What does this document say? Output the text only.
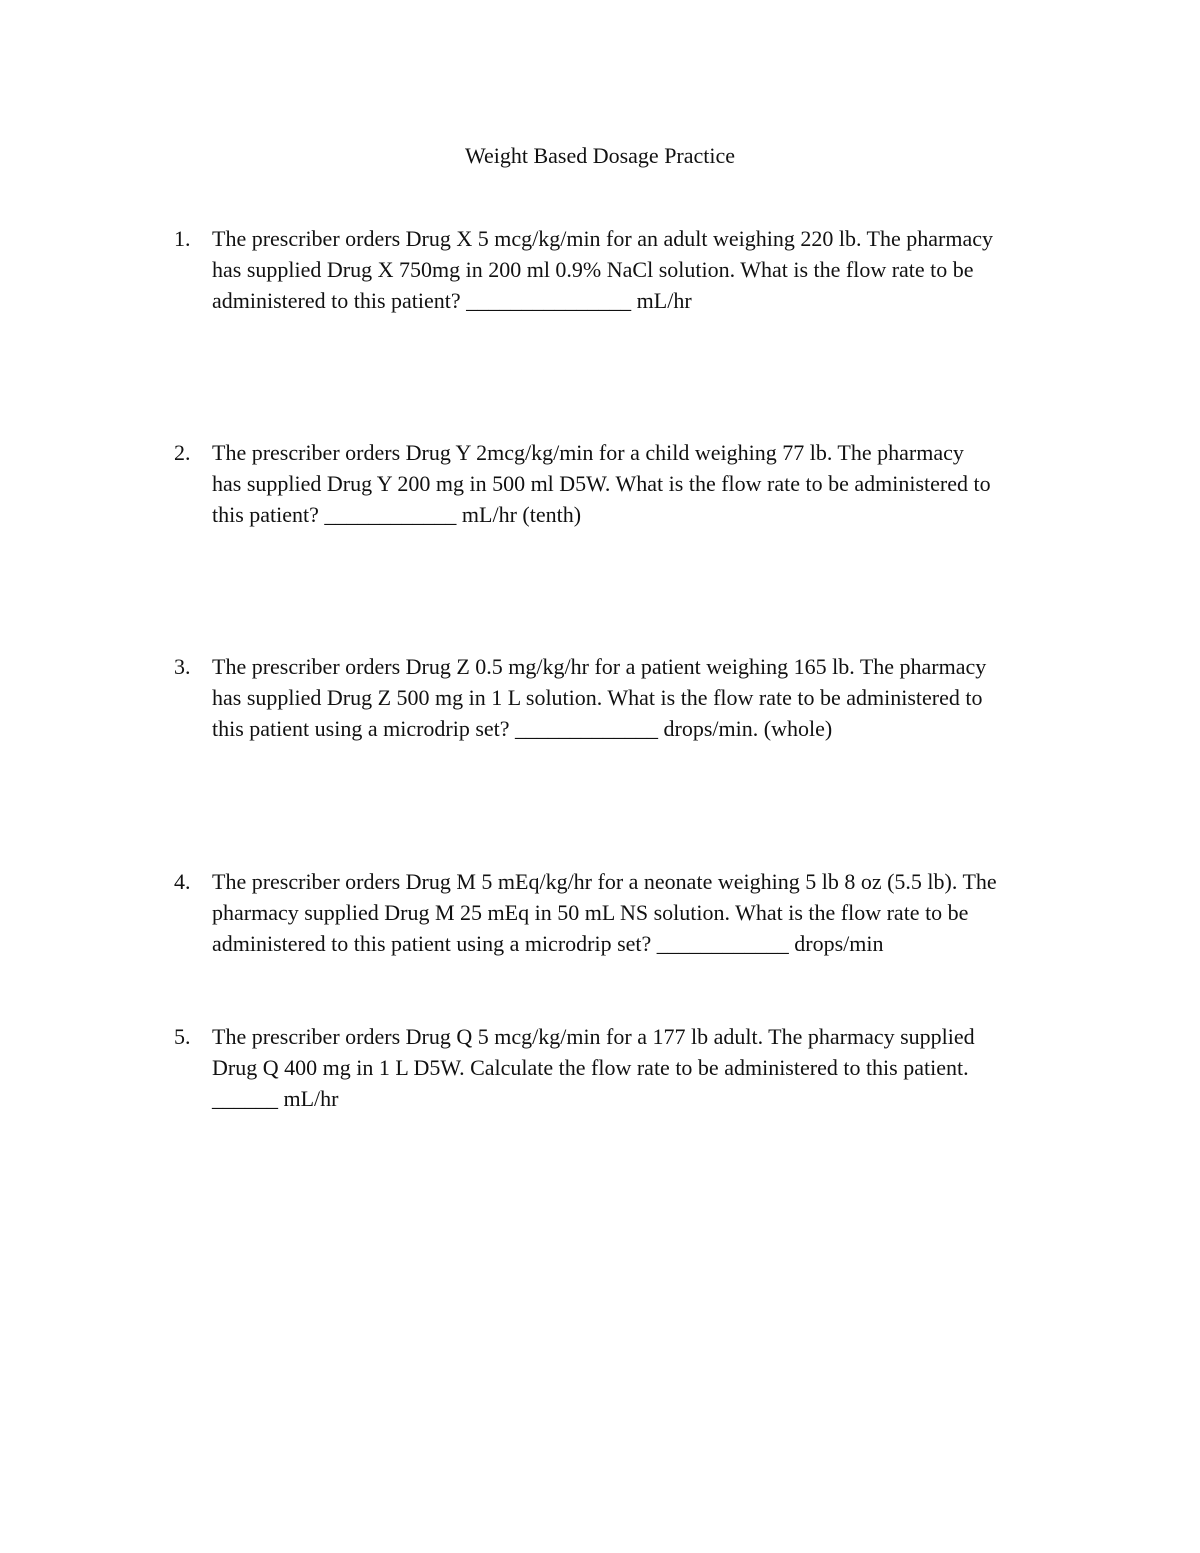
Weight Based Dosage Practice
1. The prescriber orders Drug X 5 mcg/kg/min for an adult weighing 220 lb. The pharmacy
has supplied Drug X 750mg in 200 ml 0.9% NaCl solution. What is the flow rate to be
administered to this patient? _______________ mL/hr
2. The prescriber orders Drug Y 2mcg/kg/min for a child weighing 77 lb. The pharmacy
has supplied Drug Y 200 mg in 500 ml D5W. What is the flow rate to be administered to
this patient? ____________ mL/hr (tenth)
3. The prescriber orders Drug Z 0.5 mg/kg/hr for a patient weighing 165 lb. The pharmacy
has supplied Drug Z 500 mg in 1 L solution. What is the flow rate to be administered to
this patient using a microdrip set? _____________ drops/min. (whole)
4. The prescriber orders Drug M 5 mEq/kg/hr for a neonate weighing 5 lb 8 oz (5.5 lb). The
pharmacy supplied Drug M 25 mEq in 50 mL NS solution. What is the flow rate to be
administered to this patient using a microdrip set? ____________ drops/min
5. The prescriber orders Drug Q 5 mcg/kg/min for a 177 lb adult. The pharmacy supplied
Drug Q 400 mg in 1 L D5W. Calculate the flow rate to be administered to this patient.
______ mL/hr
